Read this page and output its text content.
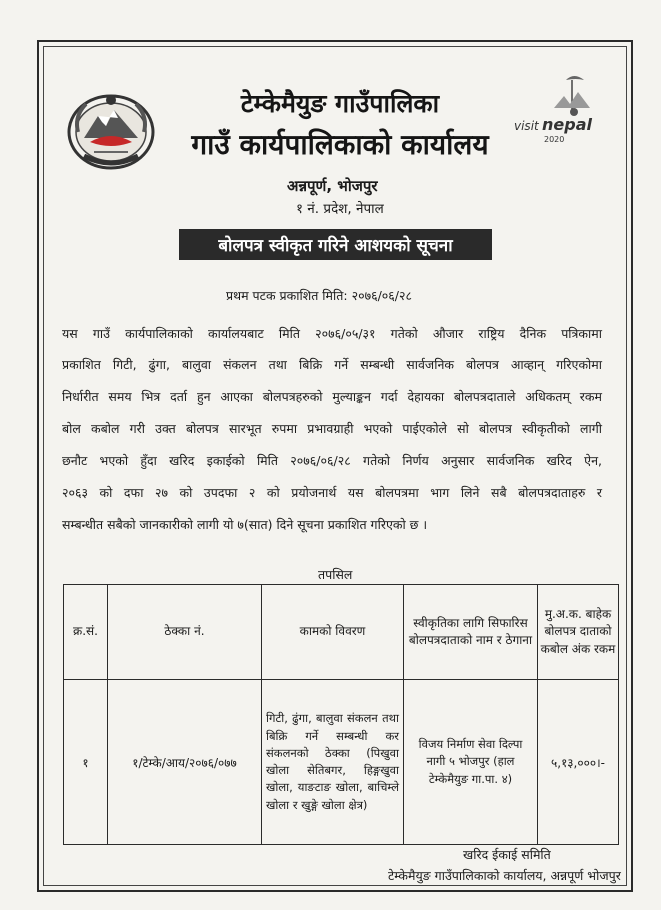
visit nepal
2020
टेम्केमैयुङ गाउँपालिका
गाउँ कार्यपालिकाको कार्यालय
अन्नपूर्ण, भोजपुर
१ नं. प्रदेश, नेपाल
बोलपत्र स्वीकृत गरिने आशयको सूचना
प्रथम पटक प्रकाशित मिति: २०७६/०६/२८
यस गाउँ कार्यपालिकाको कार्यालयबाट मिति २०७६/०५/३१ गतेको औजार राष्ट्रिय दैनिक पत्रिकामा
प्रकाशित गिटी, ढुंगा, बालुवा संकलन तथा बिक्रि गर्ने सम्बन्धी सार्वजनिक बोलपत्र आव्हान् गरिएकोमा
निर्धारीत समय भित्र दर्ता हुन आएका बोलपत्रहरुको मुल्याङ्कन गर्दा देहायका बोलपत्रदाताले अधिकतम् रकम
बोल कबोल गरी उक्त बोलपत्र सारभूत रुपमा प्रभावग्राही भएको पाईएकोले सो बोलपत्र स्वीकृतीको लागी
छनौट भएको हुँदा खरिद इकाईको मिति २०७६/०६/२८ गतेको निर्णय अनुसार सार्वजनिक खरिद ऐन,
२०६३ को दफा २७ को उपदफा २ को प्रयोजनार्थ यस बोलपत्रमा भाग लिने सबै बोलपत्रदाताहरु र
सम्बन्धीत सबैको जानकारीको लागी यो ७(सात) दिने सूचना प्रकाशित गरिएको छ ।
तपसिल
क्र.सं.	ठेक्का नं.	कामको विवरण	स्वीकृतिका लागि सिफारिस बोलपत्रदाताको नाम र ठेगाना	मु.अ.क. बाहेक बोलपत्र दाताको कबोल अंक रकम
१	१/टेम्के/आय/२०७६/०७७	गिटी, ढुंगा, बालुवा संकलन तथा बिक्रि गर्ने सम्बन्धी कर संकलनको ठेक्का (पिखुवा खोला सेतिबगर, हिङ्गखुवा खोला, याङटाङ खोला, बाचिम्ले खोला र खुङ्गे खोला क्षेत्र)	विजय निर्माण सेवा दिल्पा नागी ५ भोजपुर (हाल टेम्केमैयुङ गा.पा. ४)	५,१३,०००।-
खरिद ईकाई समिति
टेम्केमैयुङ गाउँपालिकाको कार्यालय, अन्नपूर्ण भोजपुर
